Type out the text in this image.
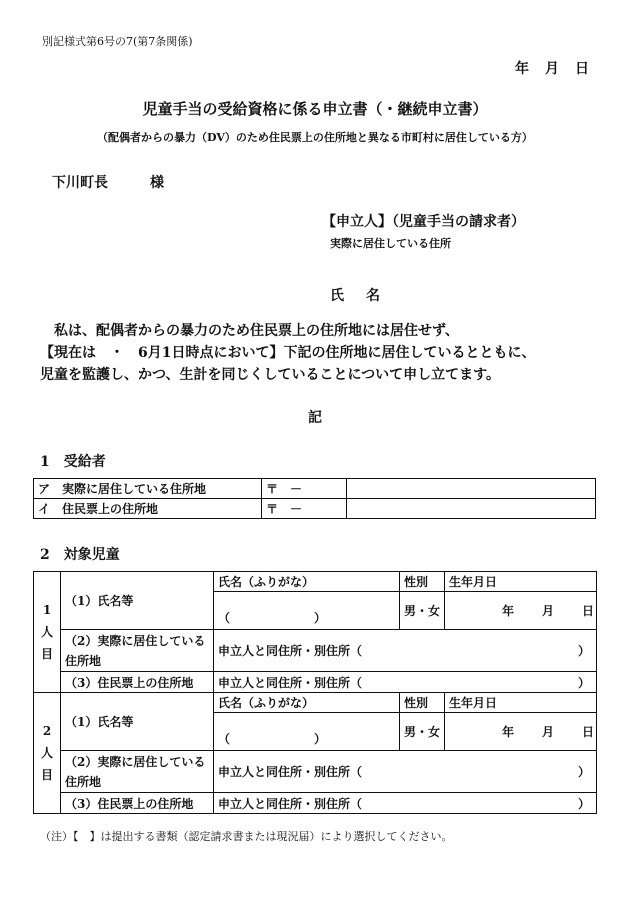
別記様式第6号の7(第7条関係)
年　月　日
児童手当の受給資格に係る申立書（・継続申立書）
（配偶者からの暴力（DV）のため住民票上の住所地と異なる市町村に居住している方）
下川町長　　　様
【申立人】（児童手当の請求者）
実際に居住している住所
氏　名
　私は、配偶者からの暴力のため住民票上の住所地には居住せず、
【現在は　・　6月1日時点において】下記の住所地に居住しているとともに、
児童を監護し、かつ、生計を同じくしていることについて申し立てます。
記
1　受給者
ア　実際に居住している住所地	〒　－	
イ　住民票上の住所地	〒　－	
2　対象児童
1
人
目	（1）氏名等	氏名（ふりがな）	性別	生年月日
		（　　　　　　　）	男・女	年 月 日
	（2）実際に居住している住所地	申立人と同住所・別住所（ ）		

	（3）住民票上の住所地	申立人と同住所・別住所（ ）		

2
人
目	（1）氏名等	氏名（ふりがな）	性別	生年月日
		（　　　　　　　）	男・女	年 月 日
	（2）実際に居住している住所地	申立人と同住所・別住所（ ）		

	（3）住民票上の住所地	申立人と同住所・別住所（ ）		
（注）【　】は提出する書類（認定請求書または現況届）により選択してください。
